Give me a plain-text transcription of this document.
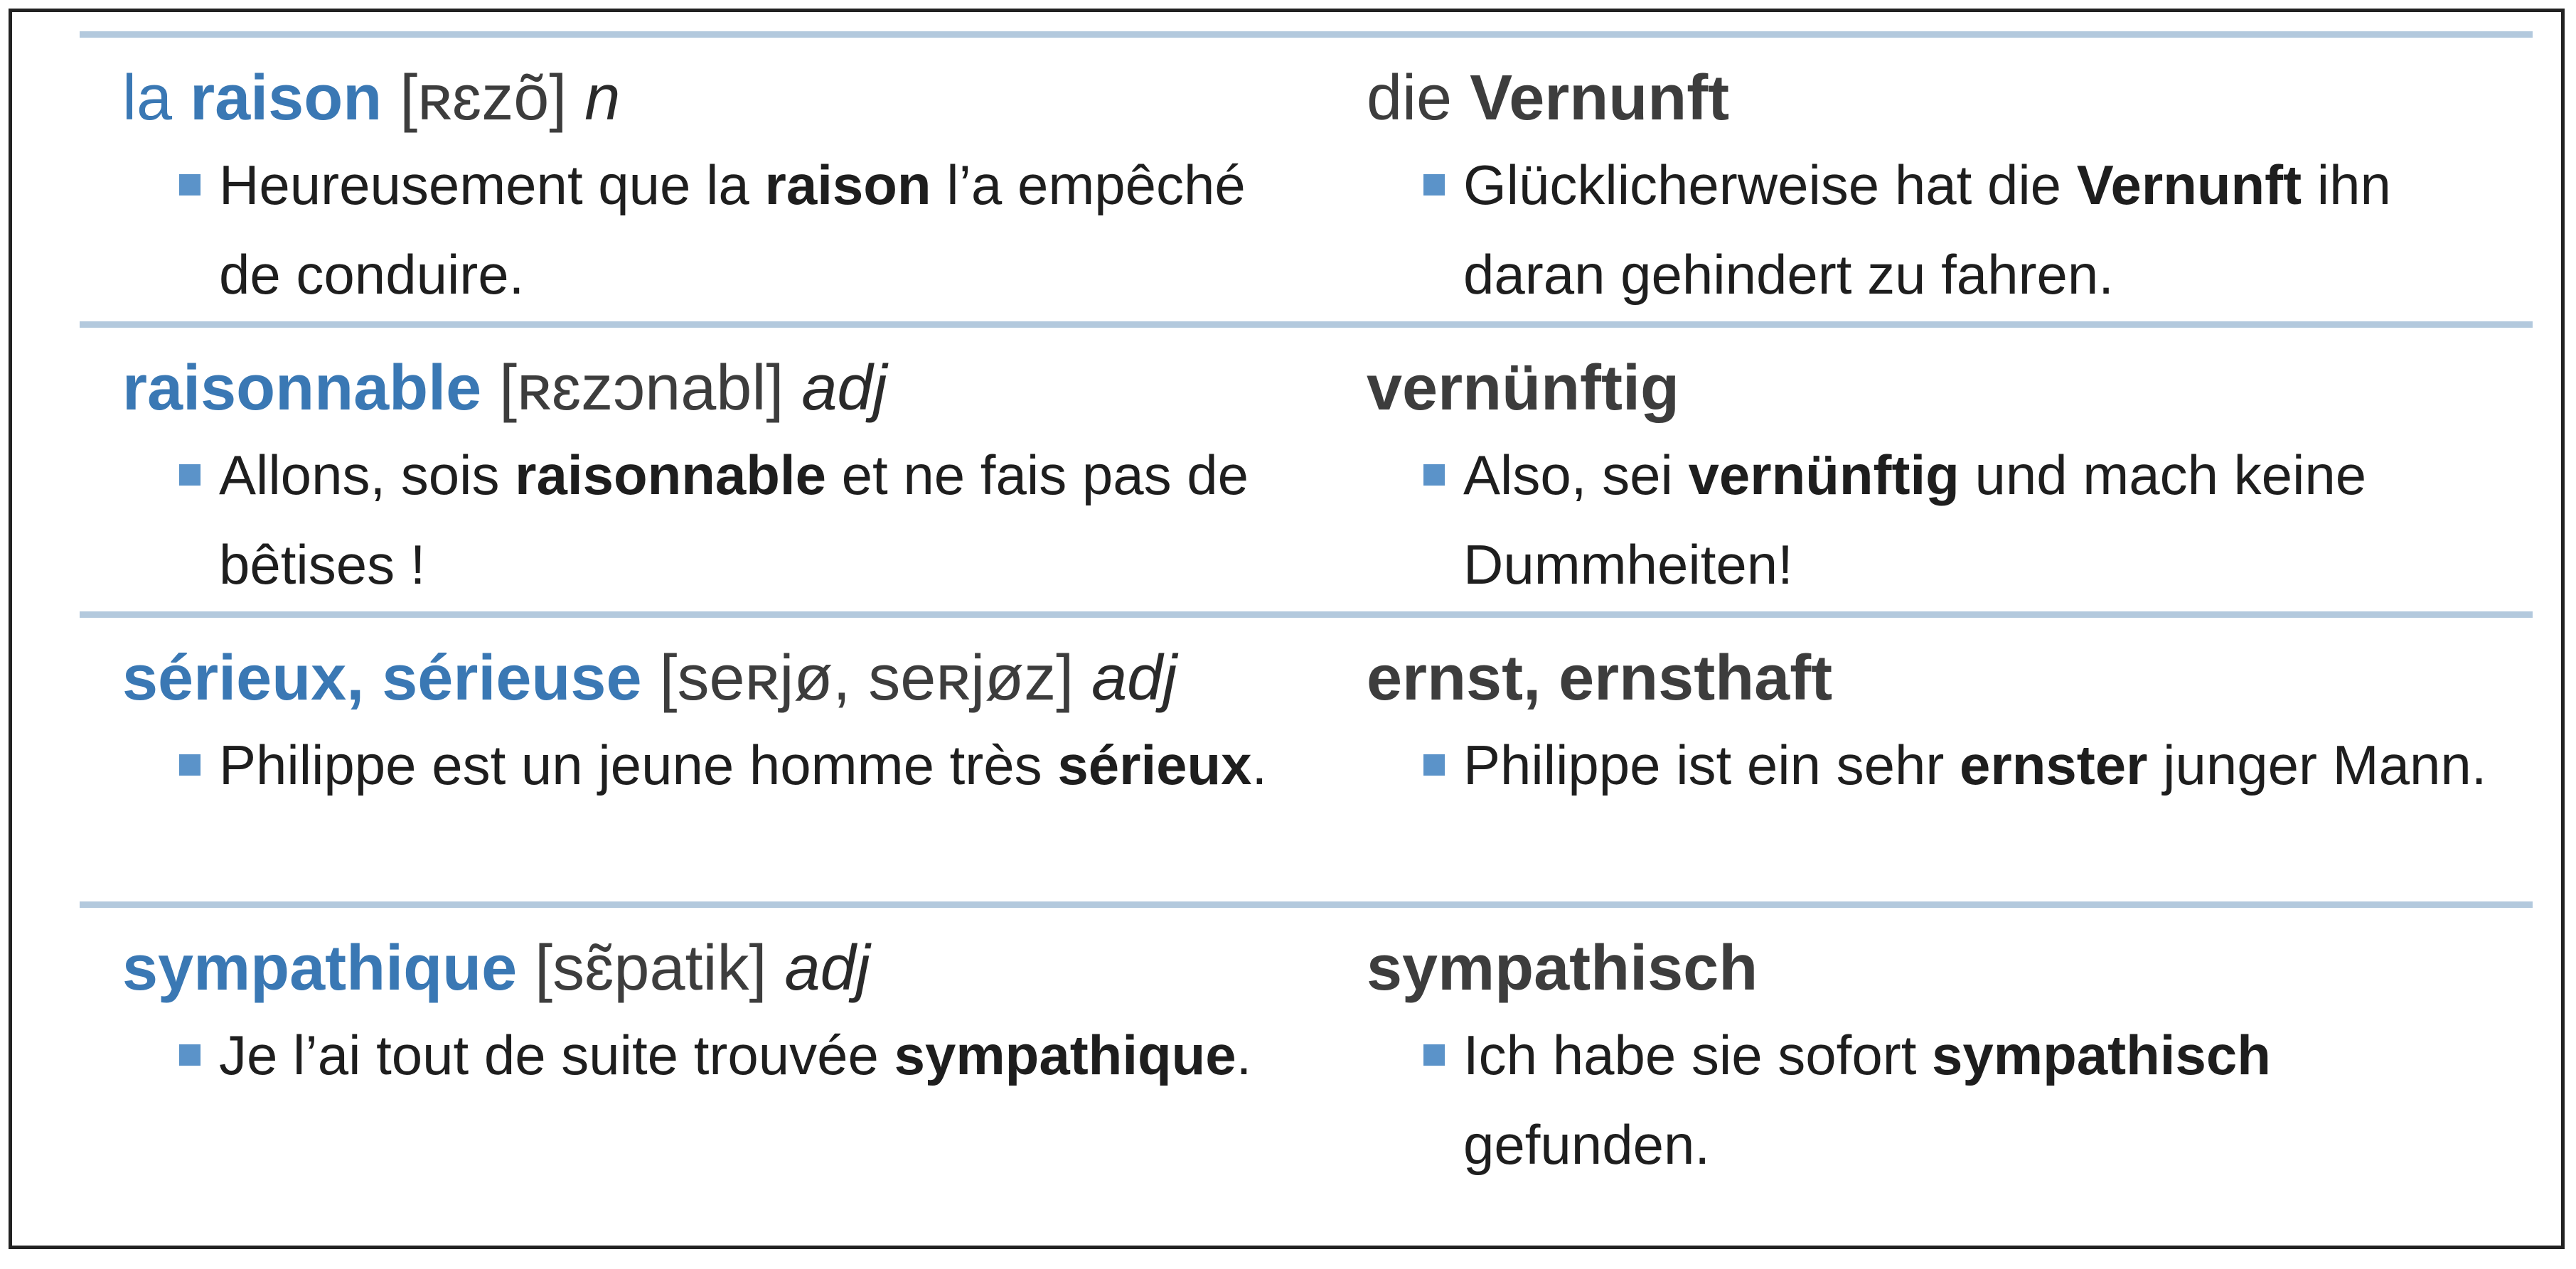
la raison [ʀɛzõ] n
Heureusement que la raison l’a empêché de conduire.
die Vernunft
Glücklicherweise hat die Vernunft ihn daran gehindert zu fahren.
raisonnable [ʀɛzɔnabl] adj
Allons, sois raisonnable et ne fais pas de bêtises !
vernünftig
Also, sei vernünftig und mach keine Dummheiten!
sérieux, sérieuse [seʀjø, seʀjøz] adj
Philippe est un jeune homme très sérieux.
ernst, ernsthaft
Philippe ist ein sehr ernster junger Mann.
sympathique [sɛ̃patik] adj
Je l’ai tout de suite trouvée sympathique.
sympathisch
Ich habe sie sofort sympathisch gefunden.
